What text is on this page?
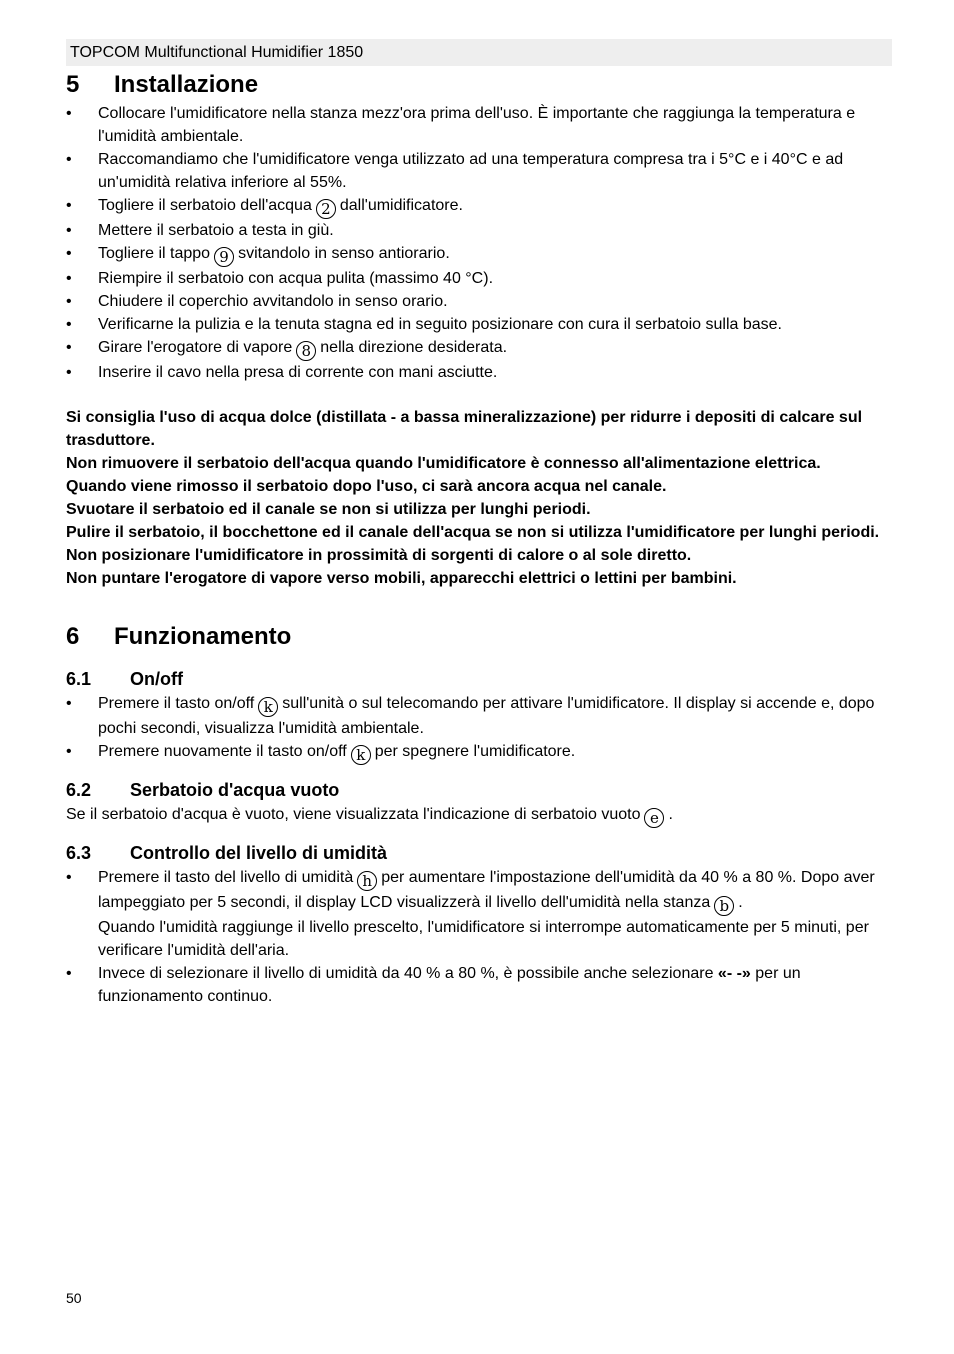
TOPCOM Multifunctional Humidifier 1850
5	Installazione
• Collocare l'umidificatore nella stanza mezz'ora prima dell'uso. È importante che raggiunga la temperatura e l'umidità ambientale.
• Raccomandiamo che l'umidificatore venga utilizzato ad una temperatura compresa tra i 5°C e i 40°C e ad un'umidità relativa inferiore al 55%.
• Togliere il serbatoio dell'acqua 2 dall'umidificatore.
• Mettere il serbatoio a testa in giù.
• Togliere il tappo 9 svitandolo in senso antiorario.
• Riempire il serbatoio con acqua pulita (massimo 40 °C).
• Chiudere il coperchio avvitandolo in senso orario.
• Verificarne la pulizia e la tenuta stagna ed in seguito posizionare con cura il serbatoio sulla base.
• Girare l'erogatore di vapore 8 nella direzione desiderata.
• Inserire il cavo nella presa di corrente con mani asciutte.

Si consiglia l'uso di acqua dolce (distillata - a bassa mineralizzazione) per ridurre i depositi di calcare sul trasduttore.

Non rimuovere il serbatoio dell'acqua quando l'umidificatore è connesso all'alimentazione elettrica.

Quando viene rimosso il serbatoio dopo l'uso, ci sarà ancora acqua nel canale.

Svuotare il serbatoio ed il canale se non si utilizza per lunghi periodi.

Pulire il serbatoio, il bocchettone ed il canale dell'acqua se non si utilizza l'umidificatore per lunghi periodi.

Non posizionare l'umidificatore in prossimità di sorgenti di calore o al sole diretto.

Non puntare l'erogatore di vapore verso mobili, apparecchi elettrici o lettini per bambini.

6	Funzionamento
6.1	On/off
• Premere il tasto on/off k sull'unità o sul telecomando per attivare l'umidificatore. Il display si accende e, dopo pochi secondi, visualizza l'umidità ambientale.
• Premere nuovamente il tasto on/off k per spegnere l'umidificatore.
6.2	Serbatoio d'acqua vuoto

Se il serbatoio d'acqua è vuoto, viene visualizzata l'indicazione di serbatoio vuoto e .

6.3	Controllo del livello di umidità
• Premere il tasto del livello di umidità h per aumentare l'impostazione dell'umidità da 40 % a 80 %. Dopo aver lampeggiato per 5 secondi, il display LCD visualizzerà il livello dell'umidità nella stanza b .
Quando l'umidità raggiunge il livello prescelto, l'umidificatore si interrompe automaticamente per 5 minuti, per verificare l'umidità dell'aria.
• Invece di selezionare il livello di umidità da 40 % a 80 %, è possibile anche selezionare «- -» per un funzionamento continuo.
50
